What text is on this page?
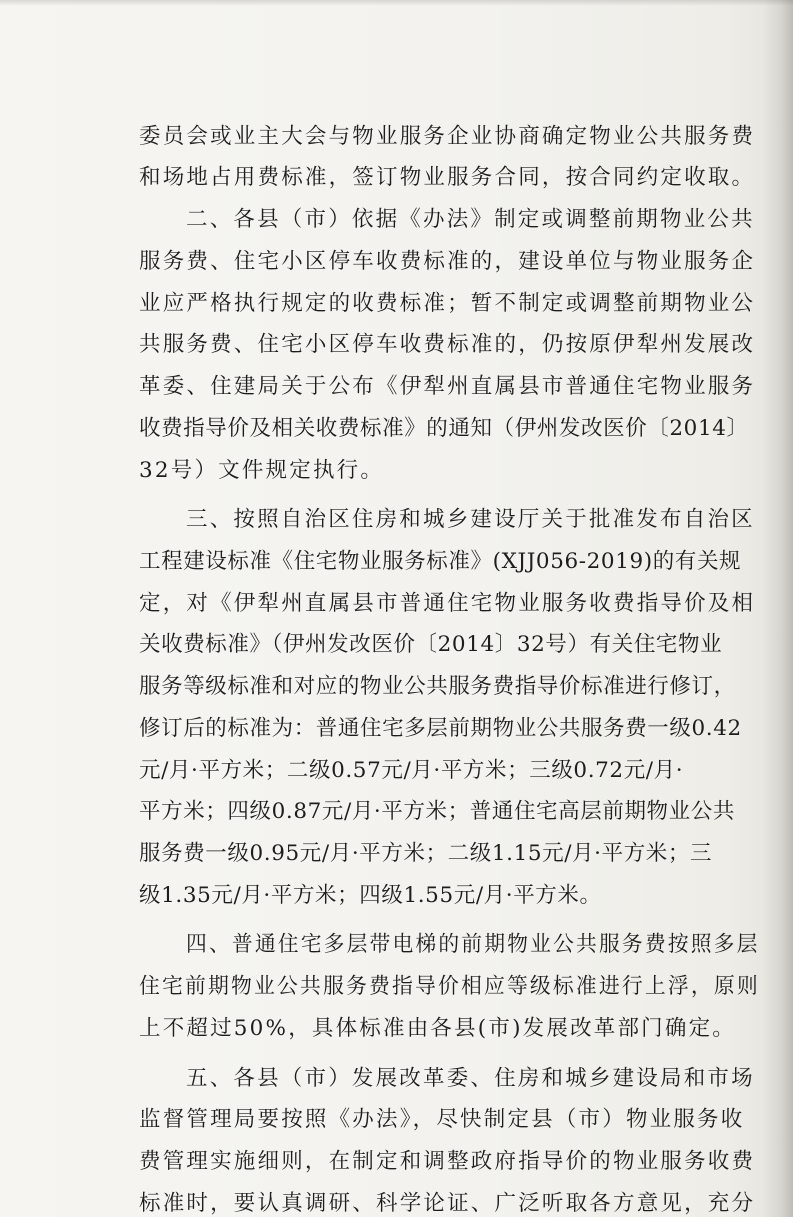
委员会或业主大会与物业服务企业协商确定物业公共服务费
和场地占用费标准，签订物业服务合同，按合同约定收取。
二、各县（市）依据《办法》制定或调整前期物业公共
服务费、住宅小区停车收费标准的，建设单位与物业服务企
业应严格执行规定的收费标准；暂不制定或调整前期物业公
共服务费、住宅小区停车收费标准的，仍按原伊犁州发展改
革委、住建局关于公布《伊犁州直属县市普通住宅物业服务
收费指导价及相关收费标准》的通知（伊州发改医价〔2014〕
32号）文件规定执行。
三、按照自治区住房和城乡建设厅关于批准发布自治区
工程建设标准《住宅物业服务标准》(XJJ056-2019)的有关规
定，对《伊犁州直属县市普通住宅物业服务收费指导价及相
关收费标准》（伊州发改医价〔2014〕32号）有关住宅物业
服务等级标准和对应的物业公共服务费指导价标准进行修订，
修订后的标准为：普通住宅多层前期物业公共服务费一级0.42
元/月·平方米；二级0.57元/月·平方米；三级0.72元/月·
平方米；四级0.87元/月·平方米；普通住宅高层前期物业公共
服务费一级0.95元/月·平方米；二级1.15元/月·平方米；三
级1.35元/月·平方米；四级1.55元/月·平方米。
四、普通住宅多层带电梯的前期物业公共服务费按照多层
住宅前期物业公共服务费指导价相应等级标准进行上浮，原则
上不超过50%，具体标准由各县(市)发展改革部门确定。
五、各县（市）发展改革委、住房和城乡建设局和市场
监督管理局要按照《办法》，尽快制定县（市）物业服务收
费管理实施细则，在制定和调整政府指导价的物业服务收费
标准时，要认真调研、科学论证、广泛听取各方意见，充分
